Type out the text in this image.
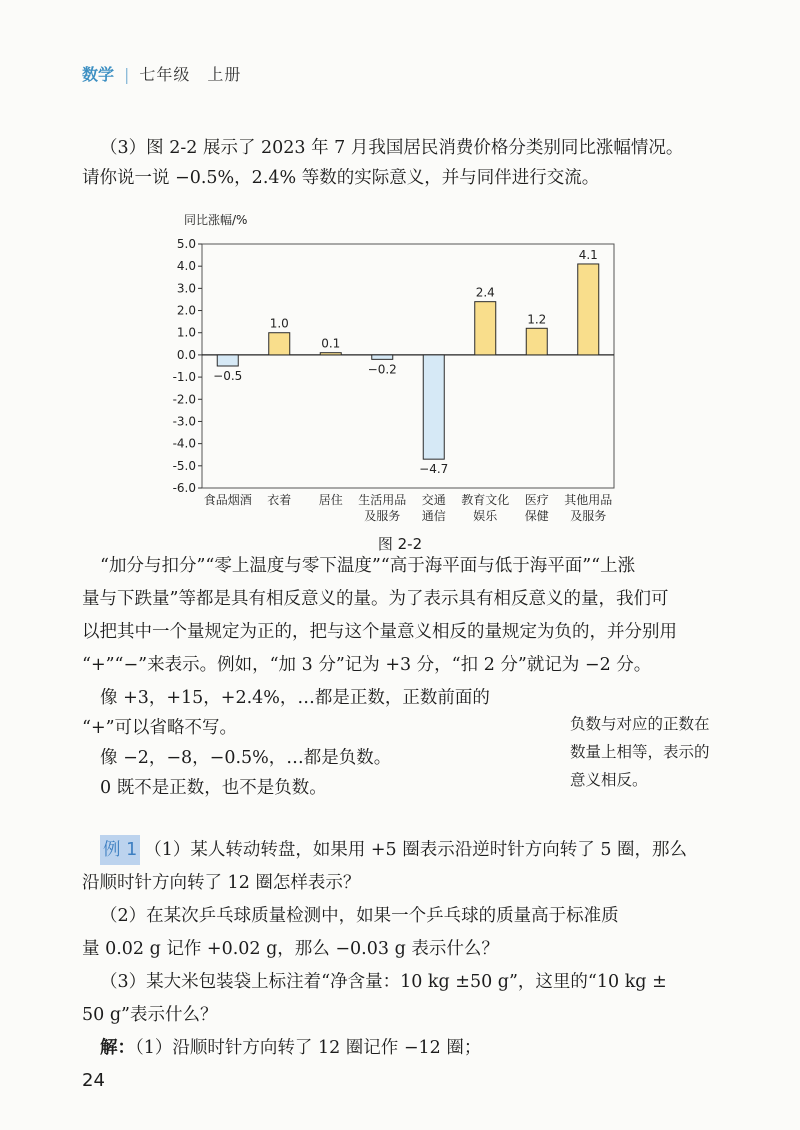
数学 | 七年级　上册
（3）图 2-2 展示了 2023 年 7 月我国居民消费价格分类别同比涨幅情况。
请你说一说 −0.5%，2.4% 等数的实际意义，并与同伴进行交流。
同比涨幅/%
5.0
4.0
3.0
2.0
1.0
0.0
-1.0
-2.0
-3.0
-4.0
-5.0
-6.0
−0.5
食品烟酒
1.0
衣着
0.1
居住
−0.2
生活用品
及服务
−4.7
交通
通信
2.4
教育文化
娱乐
1.2
医疗
保健
4.1
其他用品
及服务
图 2-2
“加分与扣分”“零上温度与零下温度”“高于海平面与低于海平面”“上涨
量与下跌量”等都是具有相反意义的量。为了表示具有相反意义的量，我们可
以把其中一个量规定为正的，把与这个量意义相反的量规定为负的，并分别用
“+”“−”来表示。例如，“加 3 分”记为 +3 分，“扣 2 分”就记为 −2 分。
像 +3，+15，+2.4%，…都是正数，正数前面的
“+”可以省略不写。
像 −2，−8，−0.5%，…都是负数。
0 既不是正数，也不是负数。
负数与对应的正数在数量上相等，表示的意义相反。
例 1 （1）某人转动转盘，如果用 +5 圈表示沿逆时针方向转了 5 圈，那么
沿顺时针方向转了 12 圈怎样表示？
（2）在某次乒乓球质量检测中，如果一个乒乓球的质量高于标准质
量 0.02 g 记作 +0.02 g，那么 −0.03 g 表示什么？
（3）某大米包装袋上标注着“净含量：10 kg ±50 g”，这里的“10 kg ±
50 g”表示什么？
解：（1）沿顺时针方向转了 12 圈记作 −12 圈；
24
